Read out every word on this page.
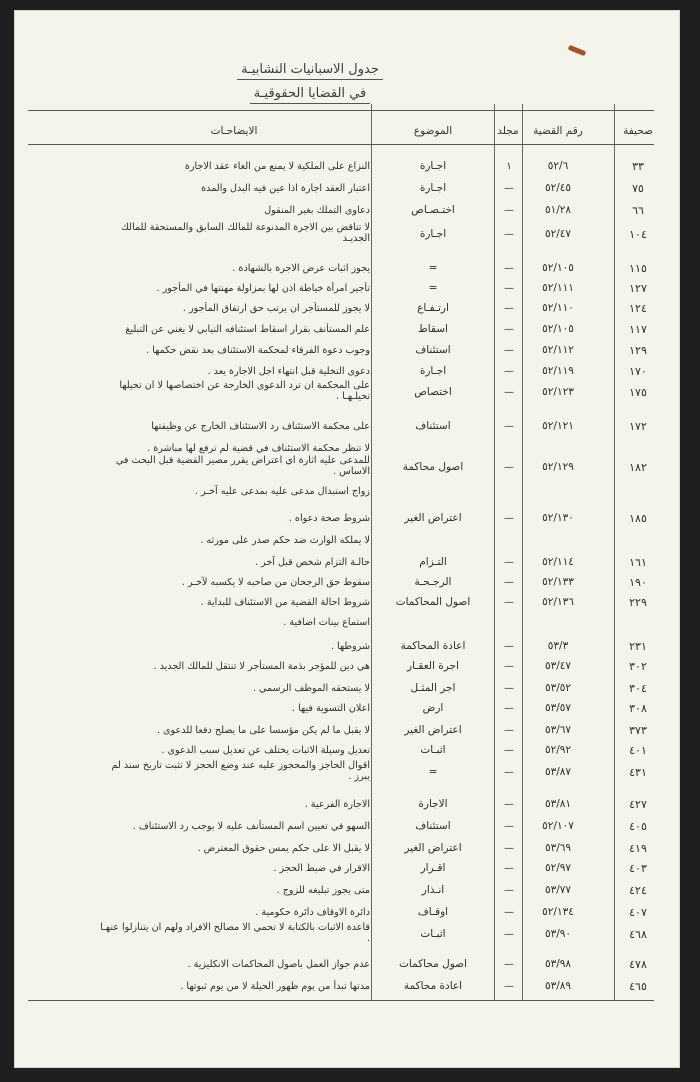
جدول الاسبانيات النشابيـة
في القضايا الحقوقيـة
صحيفة
رقم القضية
مجلد
الموضوع
الايضاحـات
٣٣
٥٢/٦
١
اجـارة
النزاع على الملكية لا يمنع من الغاء عقد الاجارة
٧٥
٥٢/٤٥
—
اجـارة
اعتبار العقد اجارة اذا عين فيه البدل والمدة
٦٦
٥١/٢٨
—
اختـصـاص
دعاوى التملك بغير المنقول
١٠٤
٥٢/٤٧
—
اجـارة
لا تناقض بين الاجرة المدنوعة للمالك السابق والمستحقة للمالك الجديـد
١١٥
٥٢/١٠٥
—
=
يجوز اثبات عرض الاجرة بالشهادة .
١٢٧
٥٢/١١١
—
=
تأجير امرأة خياطة اذن لها بمزاولة مهنتها في المأجور .
١٢٤
٥٢/١١٠
—
ارتـفـاع
لا يجوز للمستأجر ان يرتب حق ارتفاق المأجور .
١١٧
٥٢/١٠٥
—
اسقاط
علم المستأنف بقرار اسقاط استئنافه النيابي لا يغني عن التبليغ
١٢٩
٥٢/١١٢
—
استئناف
وجوب دعوة الفرقاء لمحكمة الاستئناف بعد نقض حكمها .
١٧٠
٥٢/١١٩
—
اجـارة
دعوى التخلية قبل انتهاء اجل الاجارة يعد .
١٧٥
٥٢/١٢٣
—
اختصاص
على المحكمة ان ترد الدعوى الخارجة عن اختصاصها لا ان تحيلها تحيلـهـا .
١٧٢
٥٢/١٢١
—
استئناف
على محكمة الاستئناف رد الاستئناف الخارج عن وظيفتها
لا تنظر محكمة الاستئناف في قضية لم ترفع لها مباشرة .
١٨٢
٥٢/١٢٩
—
اصول محاكمة
للمدعى عليه اثارة اي اعتراض يقرر مصير القضية قبل البحث في الاساس .
زواج استبدال مدعى عليه بمدعى عليه آخـر .
١٨٥
٥٢/١٣٠
—
اعتراض الغير
شروط صحة دعواه .
لا يملكه الوارث ضد حكم صدر على مورثه .
١٦١
٥٢/١١٤
—
التـزام
حالـة التزام شخص قبل آخر .
١٩٠
٥٢/١٣٣
—
الرجـحـة
سقوط حق الرجحان من صاحبه لا يكسبه لآخـر .
٢٢٩
٥٢/١٣٦
—
اصول المحاكمات
شروط احالة القضية من الاستئناف للبداية .
استماع بينات اضافية .
٢٣١
٥٣/٣
—
اعادة المحاكمة
شروطها .
٣٠٢
٥٣/٤٧
—
اجرة العقـار
هي دين للمؤجر بذمة المستأجر لا تنتقل للمالك الجديد .
٣٠٤
٥٣/٥٢
—
اجر المثـل
لا يستحقه الموظف الرسمي .
٣٠٨
٥٣/٥٧
—
ارض
اعلان التسوية فيها .
٣٧٣
٥٣/٦٧
—
اعتراض الغير
لا يقبل ما لم يكن مؤسسا على ما يصلح دفعا للدعوى .
٤٠١
٥٢/٩٢
—
اثبـات
تعديل وسيلة الاثبات يختلف عن تعديل سبب الدعوى .
٤٣١
٥٣/٨٧
—
=
اقوال الحاجز والمحجوز عليه عند وضع الحجز لا تثبت تاريخ سند لم يبرز .
٤٢٧
٥٣/٨١
—
الاجارة
الاجارة الفرعية .
٤٠٥
٥٢/١٠٧
—
استئناف
السهو في تعيين اسم المستأنف عليه لا يوجب رد الاستئناف .
٤١٩
٥٣/٦٩
—
اعتراض الغير
لا يقبل الا على حكم يمس حقوق المعترض .
٤٠٣
٥٢/٩٧
—
اقـرار
الاقرار في ضبط الحجز .
٤٢٤
٥٣/٧٧
—
انـذار
متى يجوز تبليغه للزوج .
٤٠٧
٥٢/١٣٤
—
اوقـاف
دائرة الاوقاف دائرة حكومية .
٤٦٨
٥٣/٩٠
—
اثبـات
قاعدة الاثبات بالكتابة لا تحمي الا مصالح الافراد ولهم ان يتنازلوا عنهـا .
٤٧٨
٥٣/٩٨
—
اصول محاكمات
عدم جواز العمل باصول المحاكمات الانكليزية .
٤٦٥
٥٣/٨٩
—
اعادة محاكمة
مدتها تبدأ من يوم ظهور الحيلة لا من يوم ثبوتها .
